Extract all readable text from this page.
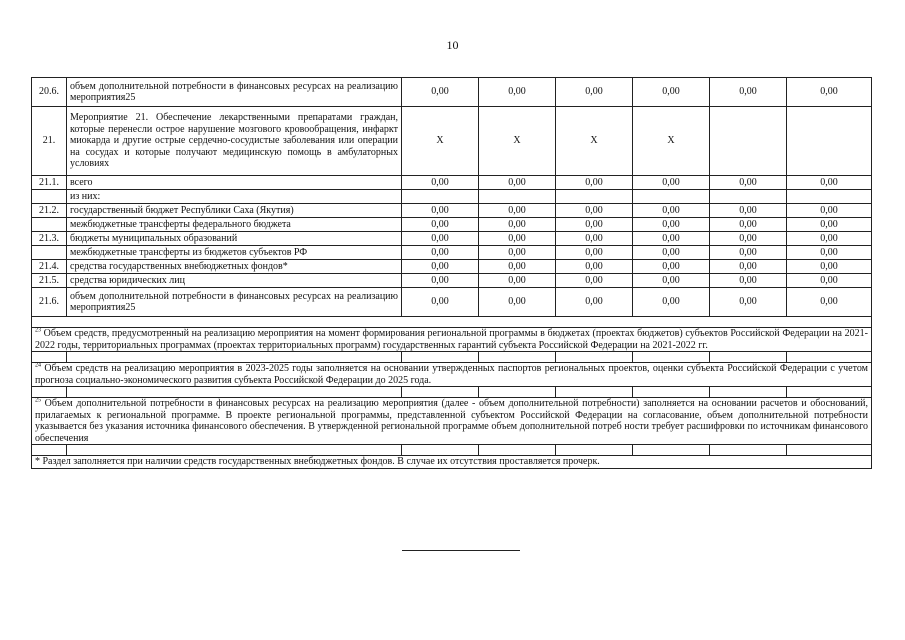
10
20.6.	объем дополнительной потребности в финансовых ресурсах на реализацию мероприятия25	0,00	0,00	0,00	0,00	0,00	0,00
21.	Мероприятие 21. Обеспечение лекарственными препаратами граждан, которые перенесли острое нарушение мозгового кровообращения, инфаркт миокарда и другие острые сердечно-сосудистые заболевания или операции на сосудах и которые получают медицинскую помощь в амбулаторных условиях	X	X	X	X		
21.1.	всего	0,00	0,00	0,00	0,00	0,00	0,00
	из них:						
21.2.	государственный бюджет Республики Саха (Якутия)	0,00	0,00	0,00	0,00	0,00	0,00
	межбюджетные трансферты федерального бюджета	0,00	0,00	0,00	0,00	0,00	0,00
21.3.	бюджеты муниципальных образований	0,00	0,00	0,00	0,00	0,00	0,00
	межбюджетные трансферты из бюджетов субъектов РФ	0,00	0,00	0,00	0,00	0,00	0,00
21.4.	средства государственных внебюджетных фондов*	0,00	0,00	0,00	0,00	0,00	0,00
21.5.	средства юридических лиц	0,00	0,00	0,00	0,00	0,00	0,00
21.6.	объем дополнительной потребности в финансовых ресурсах на реализацию мероприятия25	0,00	0,00	0,00	0,00	0,00	0,00

$^{23}$ Объем средств, предусмотренный на реализацию мероприятия на момент формирования региональной программы в бюджетах (проектах бюджетов) субъектов Российской Федерации на 2021-2022 годы, территориальных программах (проектах территориальных программ) государственных гарантий субъекта Российской Федерации на 2021-2022 гг.							

$^{24}$ Объем средств на реализацию мероприятия в 2023-2025 годы заполняется на основании утвержденных паспортов региональных проектов, оценки субъекта Российской Федерации с учетом прогноза социально-экономического развития субъекта Российской Федерации до 2025 года.							

$^{25}$ Объем дополнительной потребности в финансовых ресурсах на реализацию мероприятия (далее - объем дополнительной потребности) заполняется на основании расчетов и обоснований, прилагаемых к региональной программе. В проекте региональной программы, представленной субъектом Российской Федерации на согласование, объем дополнительной потребности указывается без указания источника финансового обеспечения. В утвержденной региональной программе объем дополнительной потреб ности требует расшифровки по источникам финансового обеспечения							

* Раздел заполняется при наличии средств государственных внебюджетных фондов. В случае их отсутствия проставляется прочерк.							
